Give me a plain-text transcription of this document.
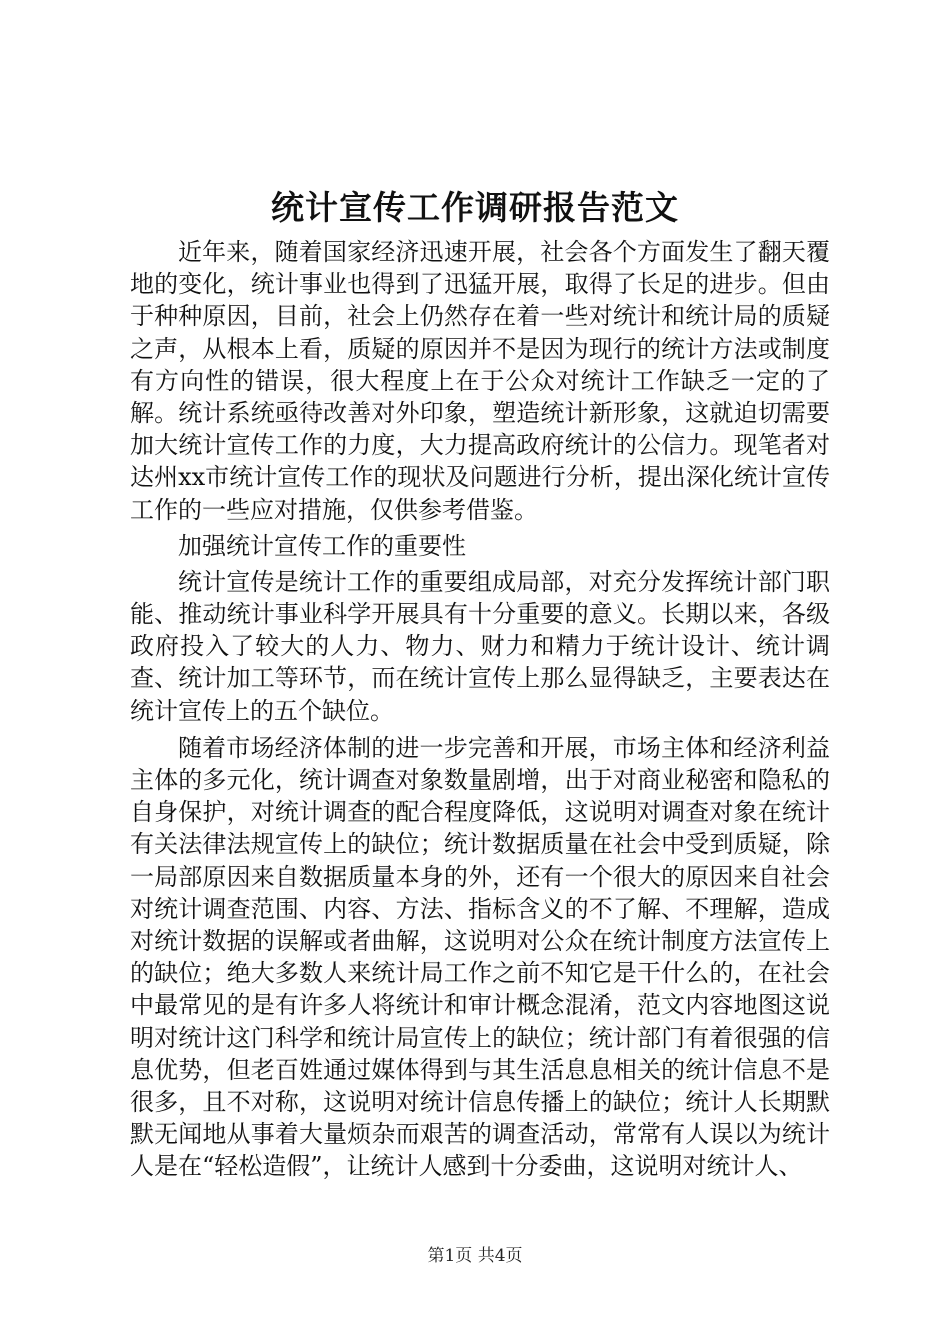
统计宣传工作调研报告范文

近年来，随着国家经济迅速开展，社会各个方面发生了翻天覆地的变化，统计事业也得到了迅猛开展，取得了长足的进步。但由于种种原因，目前，社会上仍然存在着一些对统计和统计局的质疑之声，从根本上看，质疑的原因并不是因为现行的统计方法或制度有方向性的错误，很大程度上在于公众对统计工作缺乏一定的了解。统计系统亟待改善对外印象，塑造统计新形象，这就迫切需要加大统计宣传工作的力度，大力提高政府统计的公信力。现笔者对达州xx市统计宣传工作的现状及问题进行分析，提出深化统计宣传工作的一些应对措施，仅供参考借鉴。

加强统计宣传工作的重要性

统计宣传是统计工作的重要组成局部，对充分发挥统计部门职能、推动统计事业科学开展具有十分重要的意义。长期以来，各级政府投入了较大的人力、物力、财力和精力于统计设计、统计调查、统计加工等环节，而在统计宣传上那么显得缺乏，主要表达在统计宣传上的五个缺位。

随着市场经济体制的进一步完善和开展，市场主体和经济利益主体的多元化，统计调查对象数量剧增，出于对商业秘密和隐私的自身保护，对统计调查的配合程度降低，这说明对调查对象在统计有关法律法规宣传上的缺位；统计数据质量在社会中受到质疑，除一局部原因来自数据质量本身的外，还有一个很大的原因来自社会对统计调查范围、内容、方法、指标含义的不了解、不理解，造成对统计数据的误解或者曲解，这说明对公众在统计制度方法宣传上的缺位；绝大多数人来统计局工作之前不知它是干什么的，在社会中最常见的是有许多人将统计和审计概念混淆，范文内容地图这说明对统计这门科学和统计局宣传上的缺位；统计部门有着很强的信息优势，但老百姓通过媒体得到与其生活息息相关的统计信息不是很多，且不对称，这说明对统计信息传播上的缺位；统计人长期默默无闻地从事着大量烦杂而艰苦的调查活动，常常有人误以为统计人是在“轻松造假”，让统计人感到十分委曲，这说明对统计人、

第1页 共4页
